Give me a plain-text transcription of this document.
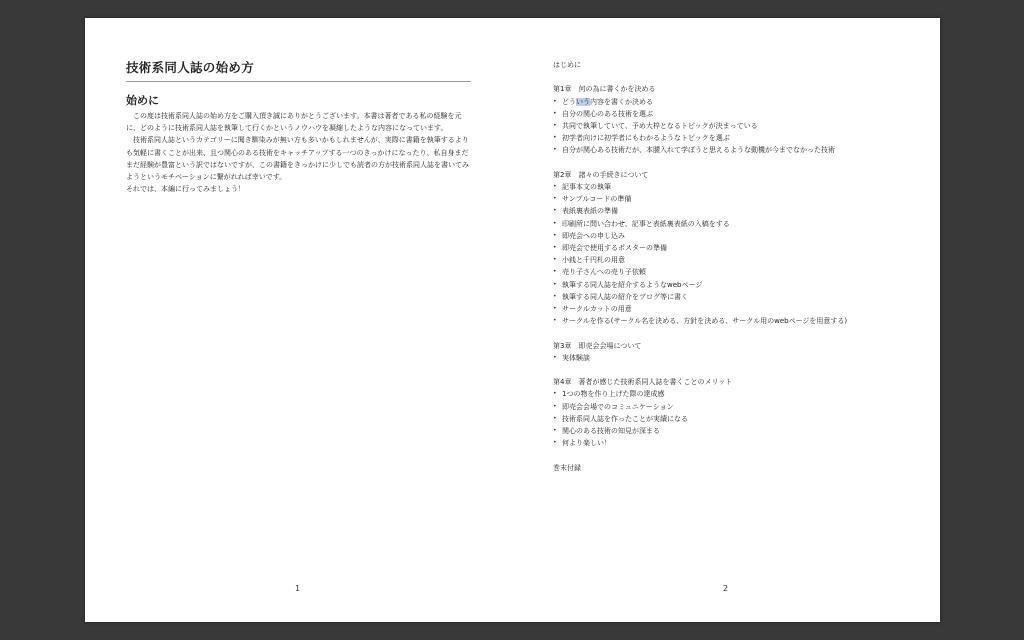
技術系同人誌の始め方
始めに

この度は技術系同人誌の始め方をご購入頂き誠にありがとうございます。本書は著者である私の経験を元に、どのように技術系同人誌を執筆して行くかというノウハウを凝縮したような内容になっています。

技術系同人誌というカテゴリーに聞き馴染みが無い方も多いかもしれませんが、実際に書籍を執筆するよりも気軽に書くことが出来、且つ関心のある技術をキャッチアップする一つのきっかけになったり、私自身まだまだ経験が豊富という訳ではないですが、この書籍をきっかけに少しでも読者の方が技術系同人誌を書いてみようというモチベーションに繋がれれば幸いです。

それでは、本編に行ってみましょう！

1
はじめに
第1章　何の為に書くかを決める
• どういう内容を書くか決める
• 自分の関心のある技術を選ぶ
• 共同で執筆していて、予め大枠となるトピックが決まっている
• 初学者向けに初学者にもわかるようなトピックを選ぶ
• 自分が関心ある技術だが、本腰入れて学ぼうと思えるような動機が今までなかった技術
第2章　諸々の手続きについて
• 記事本文の執筆
• サンプルコードの準備
• 表紙裏表紙の準備
• 印刷所に問い合わせ、記事と表紙裏表紙の入稿をする
• 即売会への申し込み
• 即売会で使用するポスターの準備
• 小銭と千円札の用意
• 売り子さんへの売り子依頼
• 執筆する同人誌を紹介するようなwebページ
• 執筆する同人誌の紹介をブログ等に書く
• サークルカットの用意
• サークルを作る(サークル名を決める、方針を決める、サークル用のwebページを用意する)
第3章　即売会会場について
• 実体験談
第4章　著者が感じた技術系同人誌を書くことのメリット
• 1つの物を作り上げた際の達成感
• 即売会会場でのコミュニケーション
• 技術系同人誌を作ったことが実績になる
• 関心のある技術の知見が深まる
• 何より楽しい！
巻末付録
2
